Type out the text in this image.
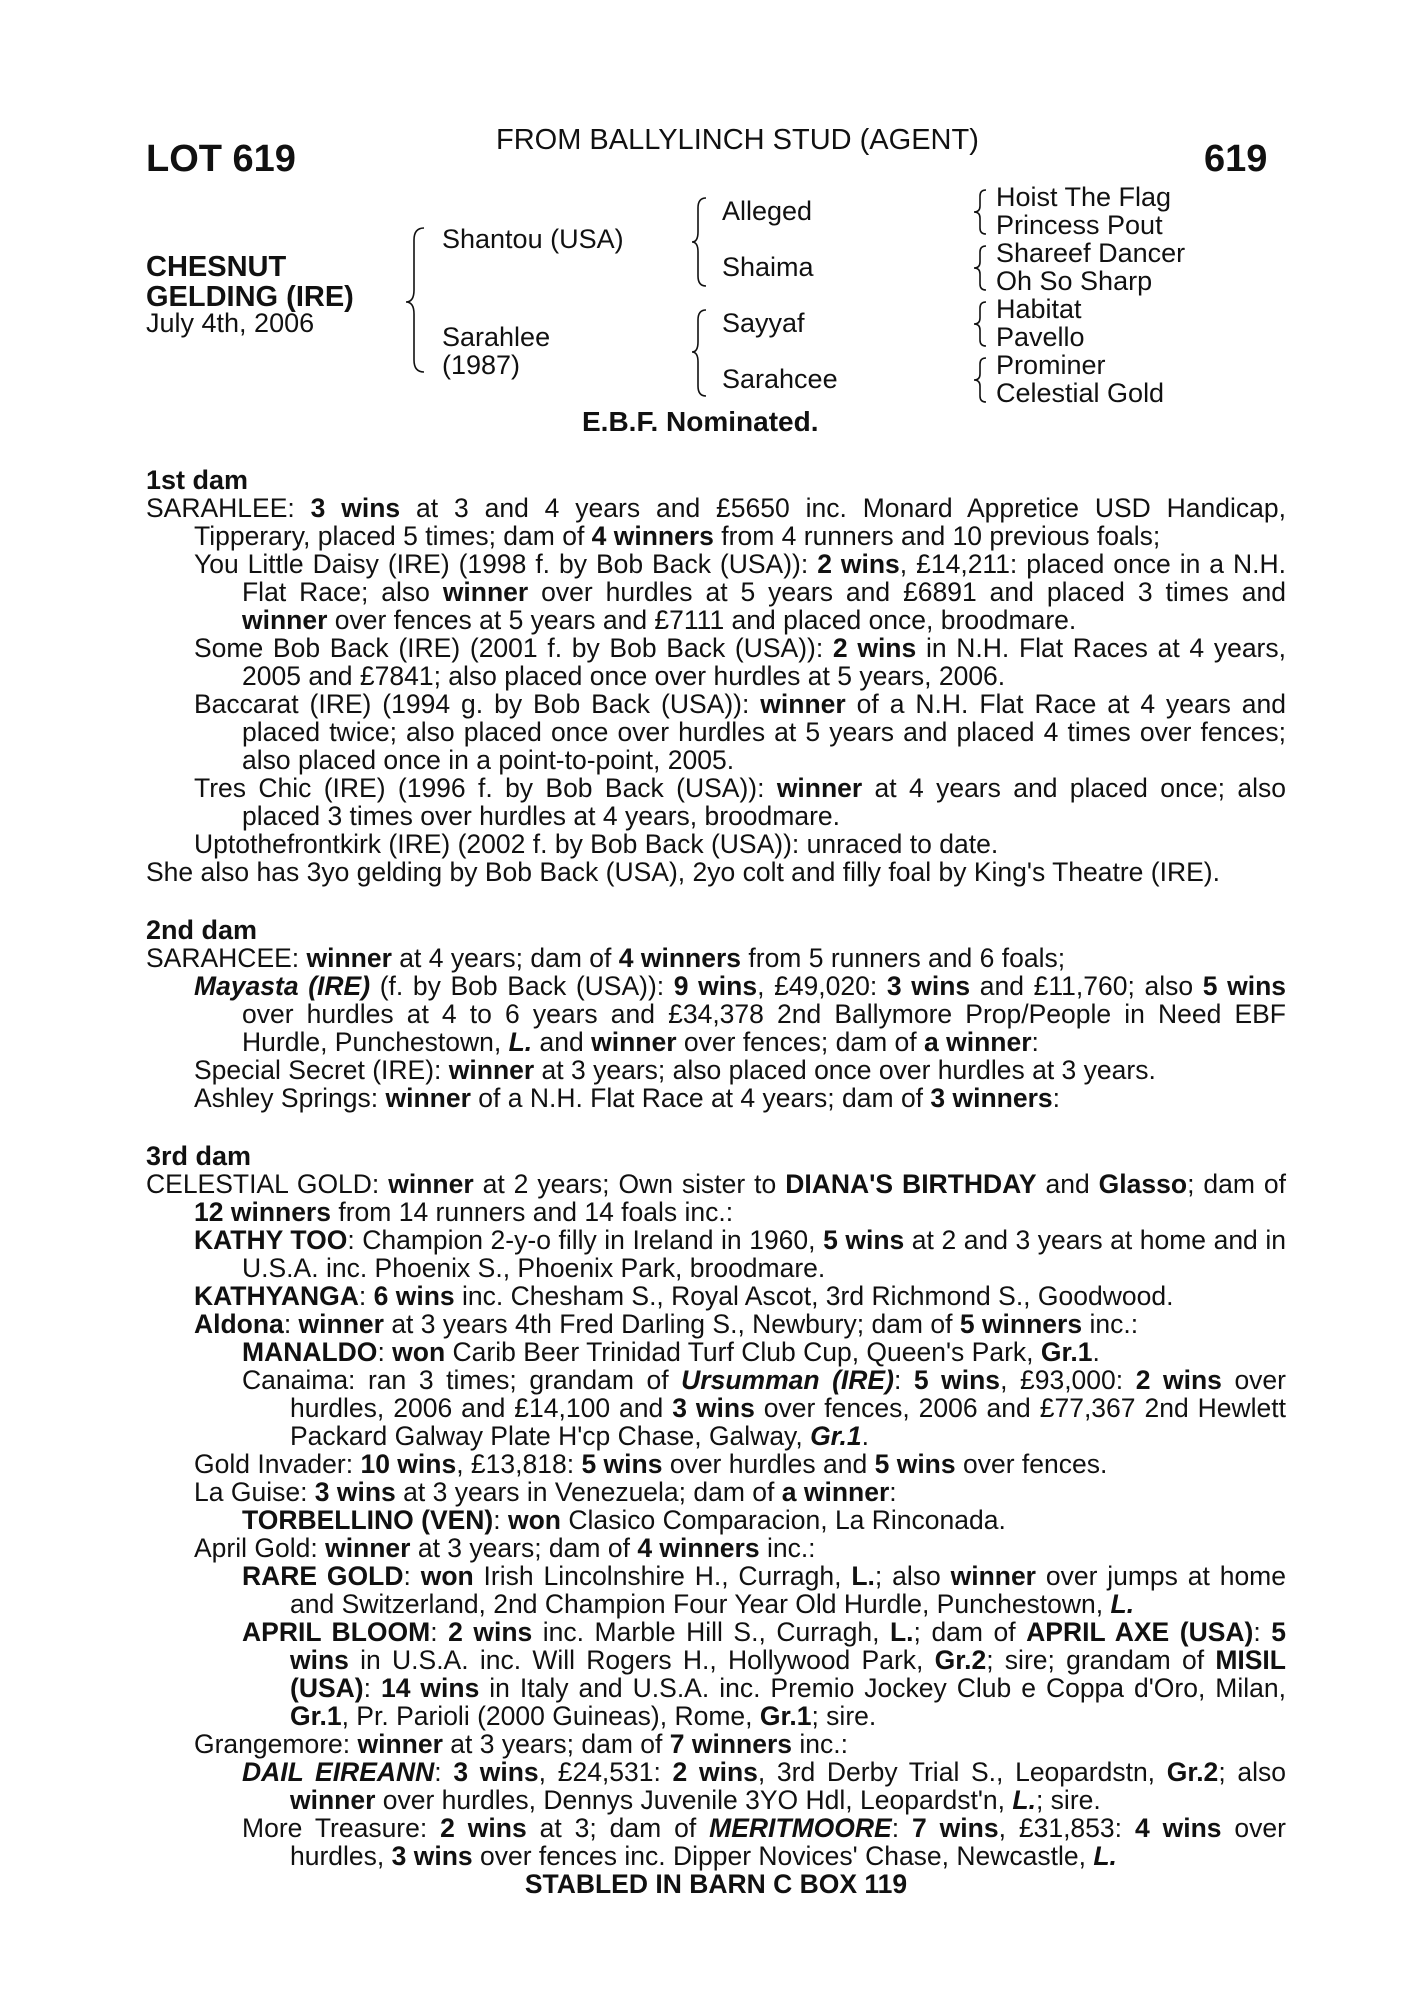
LOT 619	FROM BALLYLINCH STUD (AGENT)	619
CHESNUT
GELDING (IRE)
July 4th, 2006
Shantou (USA)
Sarahlee
(1987)
Alleged
Shaima
Sayyaf
Sarahcee
Hoist The Flag
Princess Pout
Shareef Dancer
Oh So Sharp
Habitat
Pavello
Prominer
Celestial Gold
E.B.F. Nominated.

1st dam

SARAHLEE: 3 wins at 3 and 4 years and £5650 inc. Monard Appretice USD Handicap, Tipperary, placed 5 times; dam of 4 winners from 4 runners and 10 previous foals;

You Little Daisy (IRE) (1998 f. by Bob Back (USA)): 2 wins, £14,211: placed once in a N.H. Flat Race; also winner over hurdles at 5 years and £6891 and placed 3 times and winner over fences at 5 years and £7111 and placed once, broodmare.

Some Bob Back (IRE) (2001 f. by Bob Back (USA)): 2 wins in N.H. Flat Races at 4 years, 2005 and £7841; also placed once over hurdles at 5 years, 2006.

Baccarat (IRE) (1994 g. by Bob Back (USA)): winner of a N.H. Flat Race at 4 years and placed twice; also placed once over hurdles at 5 years and placed 4 times over fences; also placed once in a point-to-point, 2005.

Tres Chic (IRE) (1996 f. by Bob Back (USA)): winner at 4 years and placed once; also placed 3 times over hurdles at 4 years, broodmare.

Uptothefrontkirk (IRE) (2002 f. by Bob Back (USA)): unraced to date.

She also has 3yo gelding by Bob Back (USA), 2yo colt and filly foal by King's Theatre (IRE).

2nd dam

SARAHCEE: winner at 4 years; dam of 4 winners from 5 runners and 6 foals;

Mayasta (IRE) (f. by Bob Back (USA)): 9 wins, £49,020: 3 wins and £11,760; also 5 wins over hurdles at 4 to 6 years and £34,378 2nd Ballymore Prop/People in Need EBF Hurdle, Punchestown, L. and winner over fences; dam of a winner:

Special Secret (IRE): winner at 3 years; also placed once over hurdles at 3 years.

Ashley Springs: winner of a N.H. Flat Race at 4 years; dam of 3 winners:

3rd dam

CELESTIAL GOLD: winner at 2 years; Own sister to DIANA'S BIRTHDAY and Glasso; dam of 12 winners from 14 runners and 14 foals inc.:

KATHY TOO: Champion 2-y-o filly in Ireland in 1960, 5 wins at 2 and 3 years at home and in U.S.A. inc. Phoenix S., Phoenix Park, broodmare.

KATHYANGA: 6 wins inc. Chesham S., Royal Ascot, 3rd Richmond S., Goodwood.

Aldona: winner at 3 years 4th Fred Darling S., Newbury; dam of 5 winners inc.:

MANALDO: won Carib Beer Trinidad Turf Club Cup, Queen's Park, Gr.1.

Canaima: ran 3 times; grandam of Ursumman (IRE): 5 wins, £93,000: 2 wins over hurdles, 2006 and £14,100 and 3 wins over fences, 2006 and £77,367 2nd Hewlett Packard Galway Plate H'cp Chase, Galway, Gr.1.

Gold Invader: 10 wins, £13,818: 5 wins over hurdles and 5 wins over fences.

La Guise: 3 wins at 3 years in Venezuela; dam of a winner:

TORBELLINO (VEN): won Clasico Comparacion, La Rinconada.

April Gold: winner at 3 years; dam of 4 winners inc.:

RARE GOLD: won Irish Lincolnshire H., Curragh, L.; also winner over jumps at home and Switzerland, 2nd Champion Four Year Old Hurdle, Punchestown, L.

APRIL BLOOM: 2 wins inc. Marble Hill S., Curragh, L.; dam of APRIL AXE (USA): 5 wins in U.S.A. inc. Will Rogers H., Hollywood Park, Gr.2; sire; grandam of MISIL (USA): 14 wins in Italy and U.S.A. inc. Premio Jockey Club e Coppa d'Oro, Milan, Gr.1, Pr. Parioli (2000 Guineas), Rome, Gr.1; sire.

Grangemore: winner at 3 years; dam of 7 winners inc.:

DAIL EIREANN: 3 wins, £24,531: 2 wins, 3rd Derby Trial S., Leopardstn, Gr.2; also winner over hurdles, Dennys Juvenile 3YO Hdl, Leopardst'n, L.; sire.

More Treasure: 2 wins at 3; dam of MERITMOORE: 7 wins, £31,853: 4 wins over hurdles, 3 wins over fences inc. Dipper Novices' Chase, Newcastle, L.

STABLED IN BARN C BOX 119
